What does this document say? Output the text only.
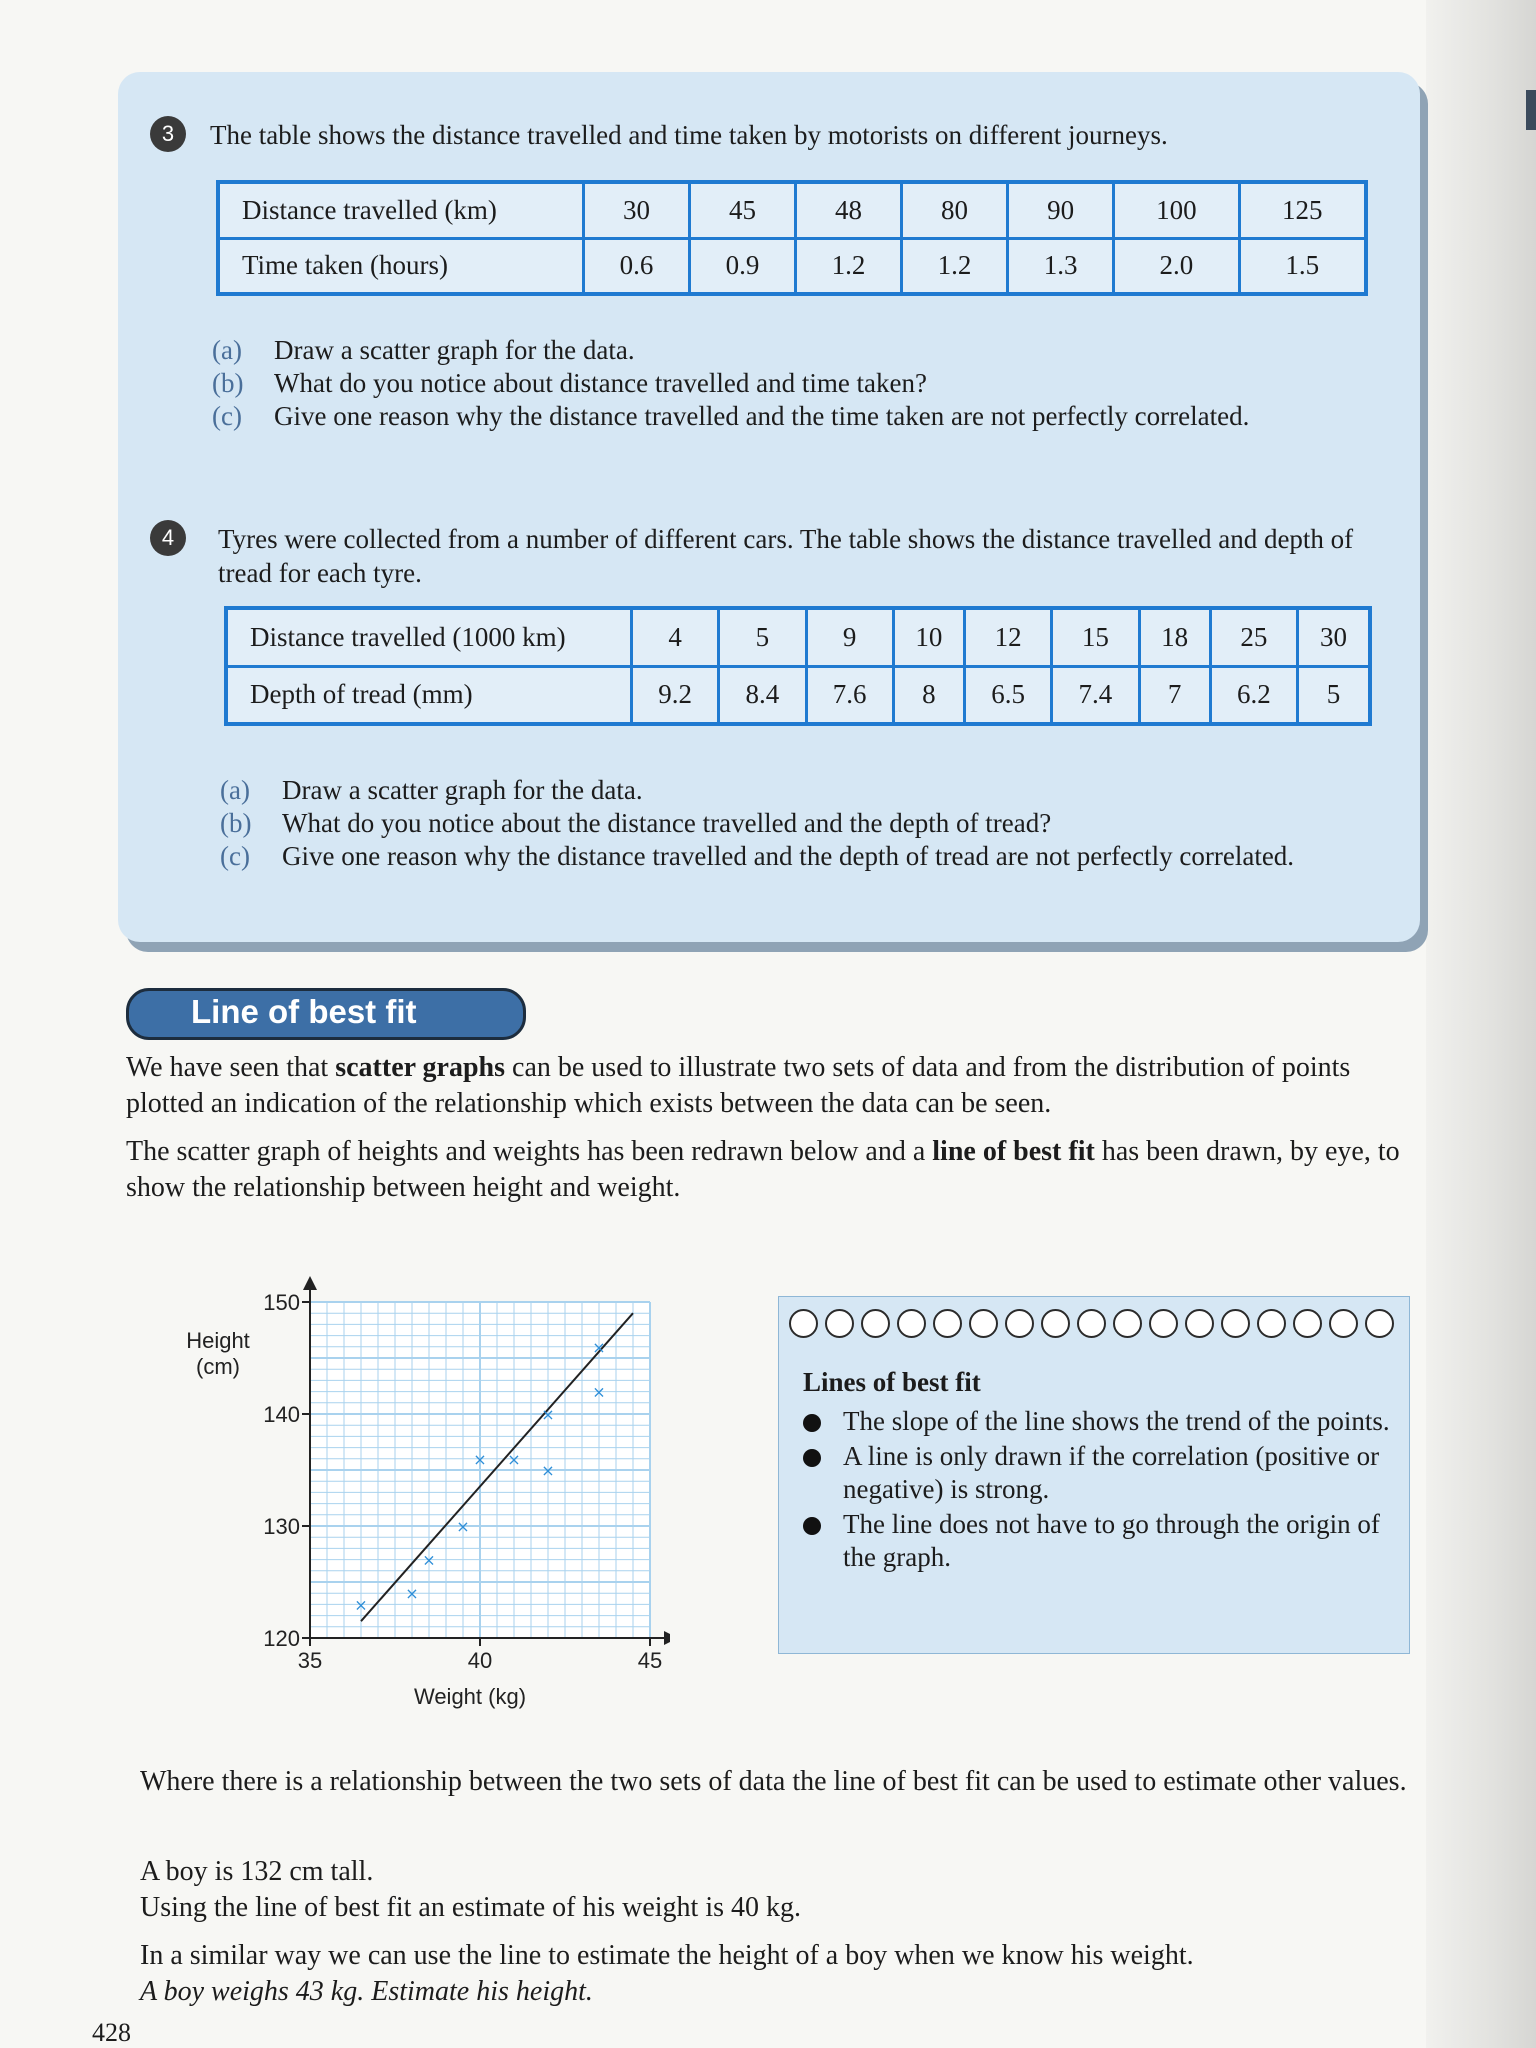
3	The table shows the distance travelled and time taken by motorists on different journeys.
Distance travelled (km)	30	45	48	80	90	100	125
Time taken (hours)	0.6	0.9	1.2	1.2	1.3	2.0	1.5
(a)	Draw a scatter graph for the data.
(b)	What do you notice about distance travelled and time taken?
(c)	Give one reason why the distance travelled and the time taken are not perfectly correlated.
4	Tyres were collected from a number of different cars. The table shows the distance travelled and depth of tread for each tyre.
Distance travelled (1000 km)	4	5	9	10	12	15	18	25	30
Depth of tread (mm)	9.2	8.4	7.6	8	6.5	7.4	7	6.2	5
(a)	Draw a scatter graph for the data.
(b)	What do you notice about the distance travelled and the depth of tread?
(c)	Give one reason why the distance travelled and the depth of tread are not perfectly correlated.
Line of best fit
We have seen that scatter graphs can be used to illustrate two sets of data and from the distribution of points plotted an indication of the relationship which exists between the data can be seen.
The scatter graph of heights and weights has been redrawn below and a line of best fit has been drawn, by eye, to show the relationship between height and weight.
35	40	45
120
130
140
150
Weight (kg)
Height
(cm)
×
×
×
×
× ×
×
×
×
×
Lines of best fit
The slope of the line shows the trend of the points.
A line is only drawn if the correlation (positive or negative) is strong.
The line does not have to go through the origin of the graph.
Where there is a relationship between the two sets of data the line of best fit can be used to estimate other values.
A boy is 132 cm tall.
Using the line of best fit an estimate of his weight is 40 kg.
In a similar way we can use the line to estimate the height of a boy when we know his weight.
A boy weighs 43 kg. Estimate his height.
428
